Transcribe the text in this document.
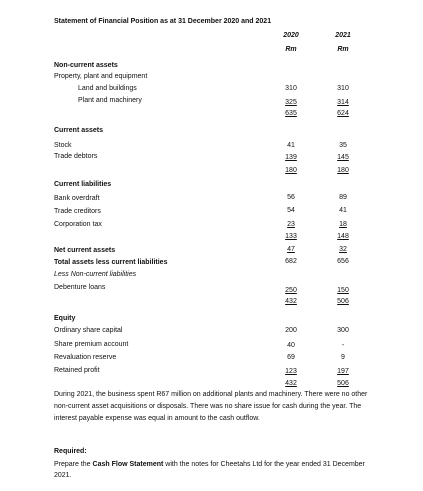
Statement of Financial Position as at 31 December 2020 and 2021
2020	2021
Rm	Rm
Non-current assets
Property, plant and equipment
Land and buildings	310	310
Plant and machinery	325	314
635	624
Current assets
Stock	41	35
Trade debtors	139	145
180	180
Current liabilities
Bank overdraft	56	89
Trade creditors	54	41
Corporation tax	23	18
133	148
Net current assets	47	32
Total assets less current liabilities	682	656
Less Non-current liabilities
Debenture loans	250	150
432	506
Equity
Ordinary share capital	200	300
Share premium account	40	-
Revaluation reserve	69	9
Retained profit	123	197
432	506
During 2021, the business spent R67 million on additional plants and machinery. There were no other non-current asset acquisitions or disposals. There was no share issue for cash during the year. The interest payable expense was equal in amount to the cash outflow.
Required:
Prepare the Cash Flow Statement with the notes for Cheetahs Ltd for the year ended 31 December 2021.
